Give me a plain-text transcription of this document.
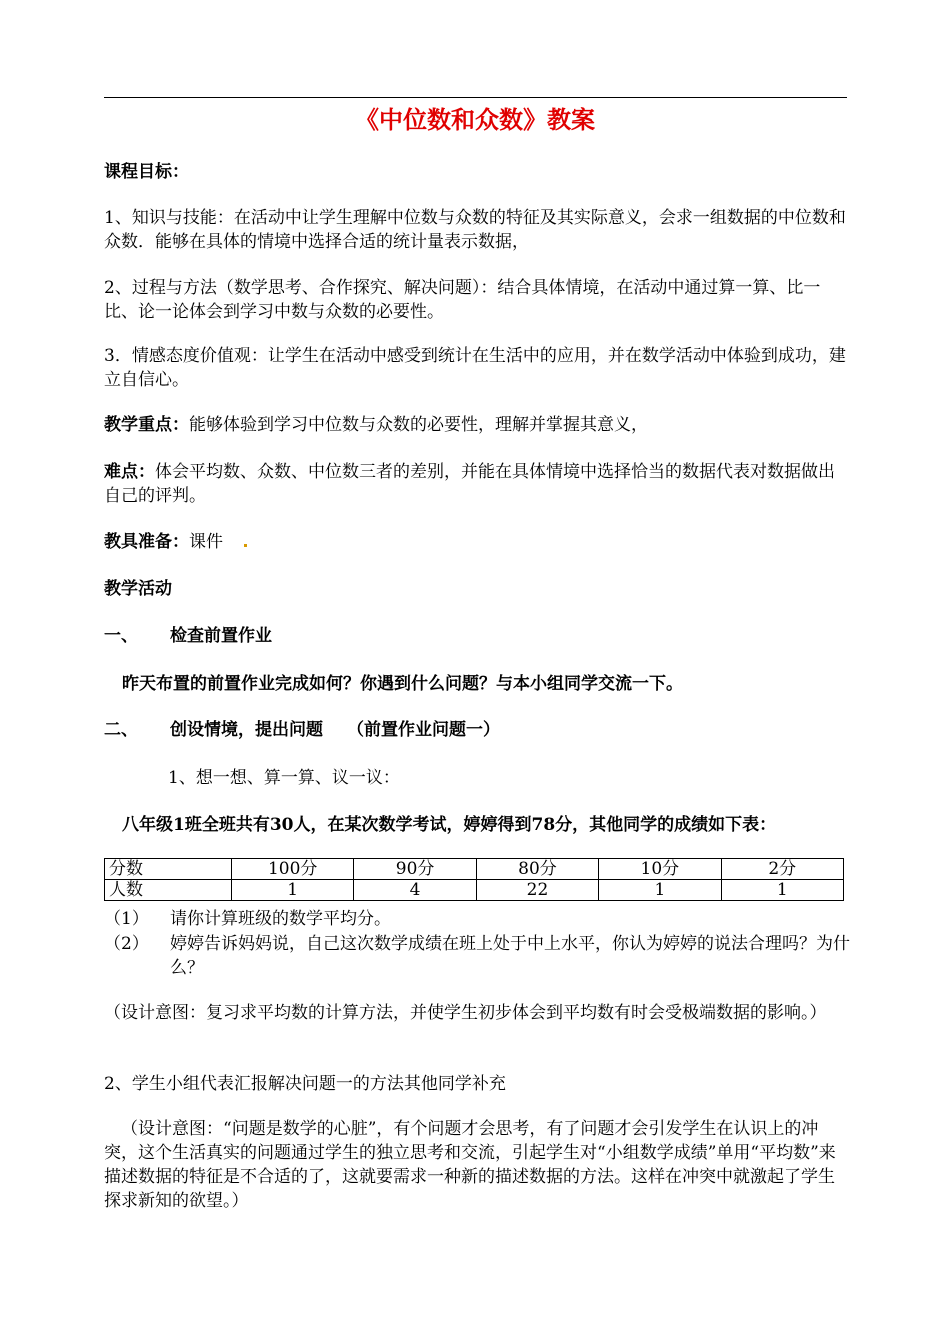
《中位数和众数》教案
课程目标：
1、知识与技能：在活动中让学生理解中位数与众数的特征及其实际意义，会求一组数据的中位数和众数．能够在具体的情境中选择合适的统计量表示数据，
2、过程与方法（数学思考、合作探究、解决问题）：结合具体情境，在活动中通过算一算、比一比、论一论体会到学习中数与众数的必要性。
3．情感态度价值观：让学生在活动中感受到统计在生活中的应用，并在数学活动中体验到成功，建立自信心。
教学重点：能够体验到学习中位数与众数的必要性，理解并掌握其意义，
难点：体会平均数、众数、中位数三者的差别，并能在具体情境中选择恰当的数据代表对数据做出自己的评判。
教具准备：课件
教学活动
一、 检查前置作业
昨天布置的前置作业完成如何？你遇到什么问题？与本小组同学交流一下。
二、 创设情境，提出问题 （前置作业问题一）
1、想一想、算一算、议一议：
八年级1班全班共有30人，在某次数学考试，婷婷得到78分，其他同学的成绩如下表：
分数	100分	90分	80分	10分	2分
人数	1	4	22	1	1
（1） 请你计算班级的数学平均分。
（2） 婷婷告诉妈妈说，自己这次数学成绩在班上处于中上水平，你认为婷婷的说法合理吗？为什么？
（设计意图：复习求平均数的计算方法，并使学生初步体会到平均数有时会受极端数据的影响。）
2、学生小组代表汇报解决问题一的方法其他同学补充
（设计意图：“问题是数学的心脏”，有个问题才会思考，有了问题才会引发学生在认识上的冲突，这个生活真实的问题通过学生的独立思考和交流，引起学生对“小组数学成绩”单用“平均数”来描述数据的特征是不合适的了，这就要需求一种新的描述数据的方法。这样在冲突中就激起了学生探求新知的欲望。）
